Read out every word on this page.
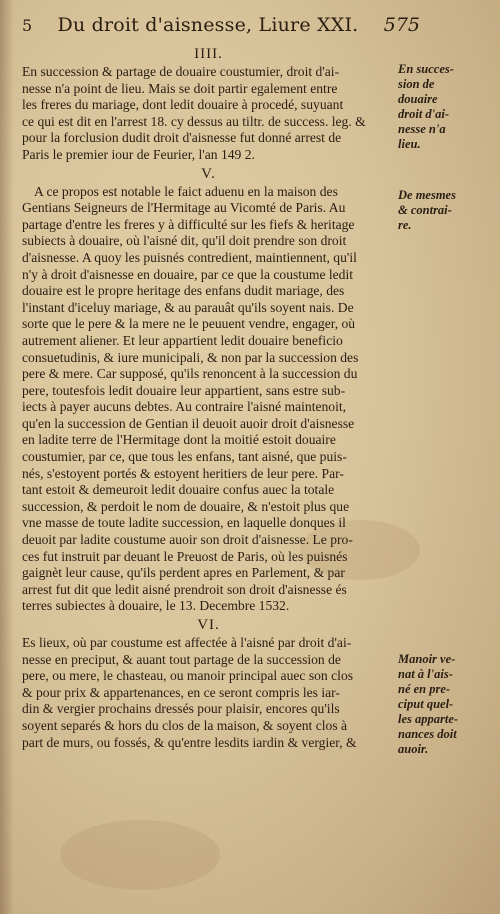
5	Du droit d'aisnesse, Liure XXI.	575
IIII.
En succession & partage de douaire coustumier, droit d'ai-
nesse n'a point de lieu. Mais se doit partir egalement entre
les freres du mariage, dont ledit douaire à procedé, suyuant
ce qui est dit en l'arrest 18. cy dessus au tiltr. de success. leg. &
pour la forclusion dudit droit d'aisnesse fut donné arrest de
Paris le premier iour de Feurier, l'an 149 2.
V.
A ce propos est notable le faict aduenu en la maison des
Gentians Seigneurs de l'Hermitage au Vicomté de Paris. Au
partage d'entre les freres y à difficulté sur les fiefs & heritage
subiects à douaire, où l'aisné dit, qu'il doit prendre son droit
d'aisnesse. A quoy les puisnés contredient, maintiennent, qu'il
n'y à droit d'aisnesse en douaire, par ce que la coustume ledit
douaire est le propre heritage des enfans dudit mariage, des
l'instant d'iceluy mariage, & au parauât qu'ils soyent nais. De
sorte que le pere & la mere ne le peuuent vendre, engager, où
autrement aliener. Et leur appartient ledit douaire beneficio
consuetudinis, & iure municipali, & non par la succession des
pere & mere. Car supposé, qu'ils renoncent à la succession du
pere, toutesfois ledit douaire leur appartient, sans estre sub-
iects à payer aucuns debtes. Au contraire l'aisné maintenoit,
qu'en la succession de Gentian il deuoit auoir droit d'aisnesse
en ladite terre de l'Hermitage dont la moitié estoit douaire
coustumier, par ce, que tous les enfans, tant aisné, que puis-
nés, s'estoyent portés & estoyent heritiers de leur pere. Par-
tant estoit & demeuroit ledit douaire confus auec la totale
succession, & perdoit le nom de douaire, & n'estoit plus que
vne masse de toute ladite succession, en laquelle donques il
deuoit par ladite coustume auoir son droit d'aisnesse. Le pro-
ces fut instruit par deuant le Preuost de Paris, où les puisnés
gaignèt leur cause, qu'ils perdent apres en Parlement, & par
arrest fut dit que ledit aisné prendroit son droit d'aisnesse és
terres subiectes à douaire, le 13. Decembre 1532.
VI.
Es lieux, où par coustume est affectée à l'aisné par droit d'ai-
nesse en preciput, & auant tout partage de la succession de
pere, ou mere, le chasteau, ou manoir principal auec son clos
& pour prix & appartenances, en ce seront compris les iar-
din & vergier prochains dressés pour plaisir, encores qu'ils
soyent separés & hors du clos de la maison, & soyent clos à
part de murs, ou fossés, & qu'entre lesdits iardin & vergier, &
En succes-
sion de
douaire
droit d'ai-
nesse n'a
lieu.
De mesmes
& contrai-
re.
Manoir ve-
nat à l'ais-
né en pre-
ciput quel-
les apparte-
nances doit
auoir.
